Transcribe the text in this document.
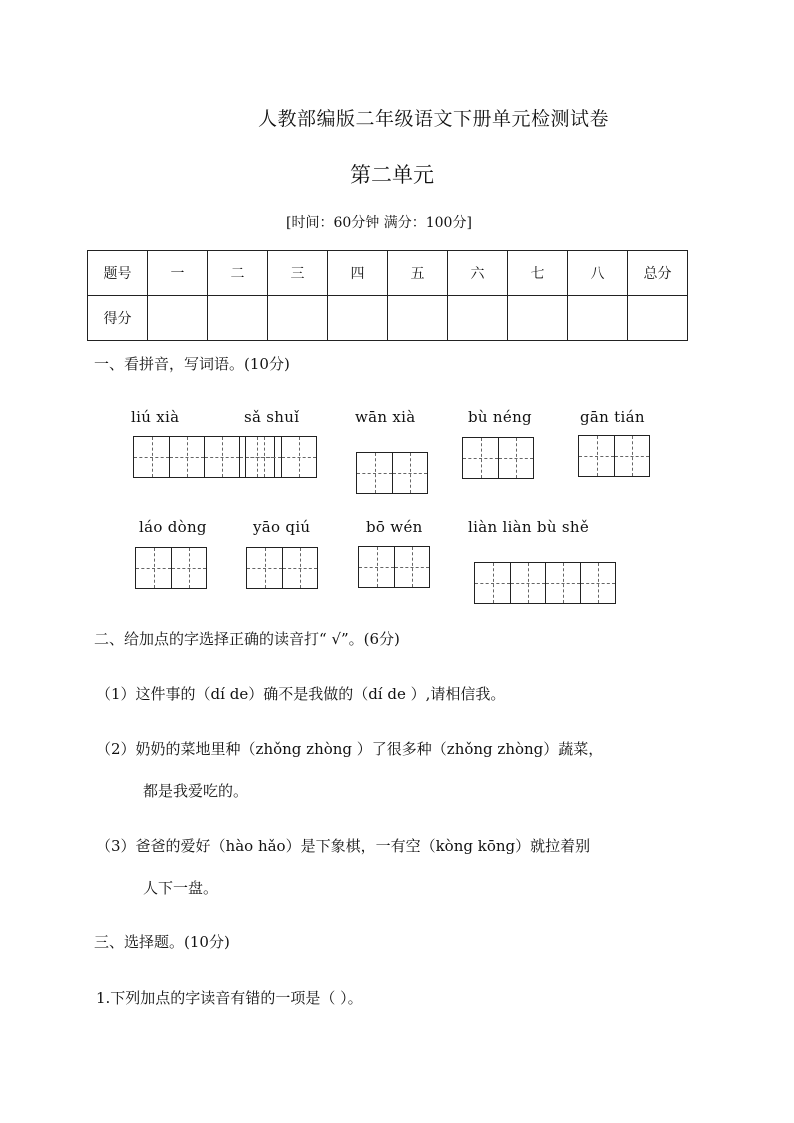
人教部编版二年级语文下册单元检测试卷
第二单元
[时间：60分钟 满分：100分]
题号	一	二	三	四	五	六	七	八	总分
得分									
一、看拼音，写词语。(10分)
liú xià	sǎ shuǐ	wān xià	bù néng	gān tián
láo dòng	yāo qiú	bō wén	liàn liàn bù shě
二、给加点的字选择正确的读音打“ √”。(6分)
（1）这件事的（dí de）确不是我做的（dí de ）,请相信我。
（2）奶奶的菜地里种（zhǒng zhòng ）了很多种（zhǒng zhòng）蔬菜，
都是我爱吃的。
（3）爸爸的爱好（hào hǎo）是下象棋，一有空（kòng kōng）就拉着别
人下一盘。
三、选择题。(10分)
1.下列加点的字读音有错的一项是（ ）。
